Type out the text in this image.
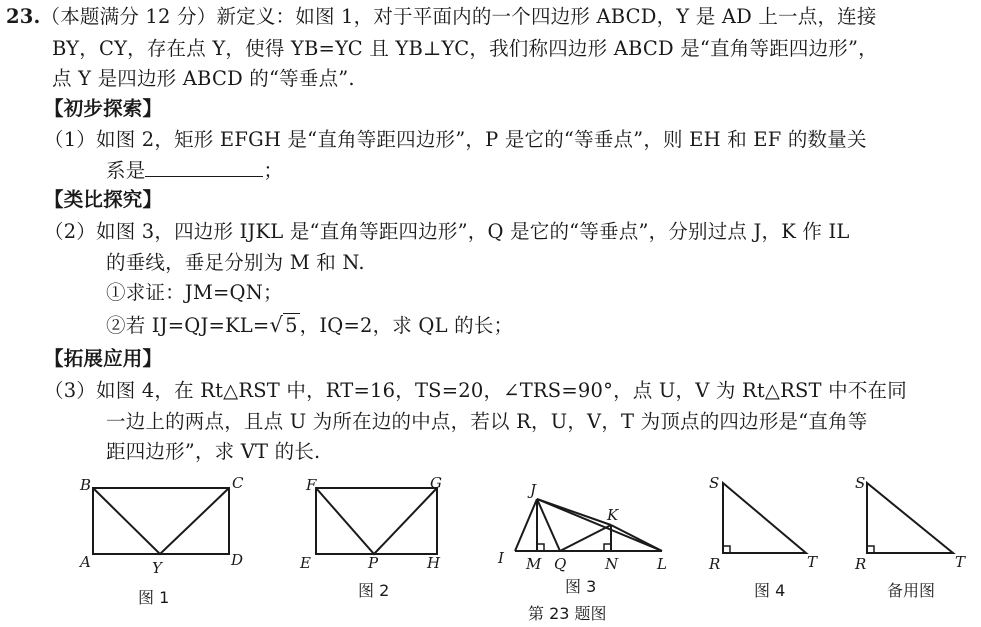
23.（本题满分 12 分）新定义：如图 1，对于平面内的一个四边形 ABCD，Y 是 AD 上一点，连接
BY，CY，存在点 Y，使得 YB=YC 且 YB⊥YC，我们称四边形 ABCD 是“直角等距四边形”，
点 Y 是四边形 ABCD 的“等垂点”.
【初步探索】
（1）如图 2，矩形 EFGH 是“直角等距四边形”，P 是它的“等垂点”，则 EH 和 EF 的数量关
系是	；
【类比探究】
（2）如图 3，四边形 IJKL 是“直角等距四边形”，Q 是它的“等垂点”，分别过点 J，K 作 IL
的垂线，垂足分别为 M 和 N.
①求证：JM=QN；
②若 IJ=QJ=KL=√ 5 ，IQ=2，求 QL 的长；
【拓展应用】
（3）如图 4，在 Rt△RST 中，RT=16，TS=20，∠TRS=90°，点 U，V 为 Rt△RST 中不在同
一边上的两点，且点 U 为所在边的中点，若以 R，U，V，T 为顶点的四边形是“直角等
距四边形”，求 VT 的长.
B	C
A	D
Y
图 1
F	G
E	H
P
图 2
J
K
I M Q	N	L
图 3
S
R	T
图 4
S
R	T
备用图
第 23 题图
